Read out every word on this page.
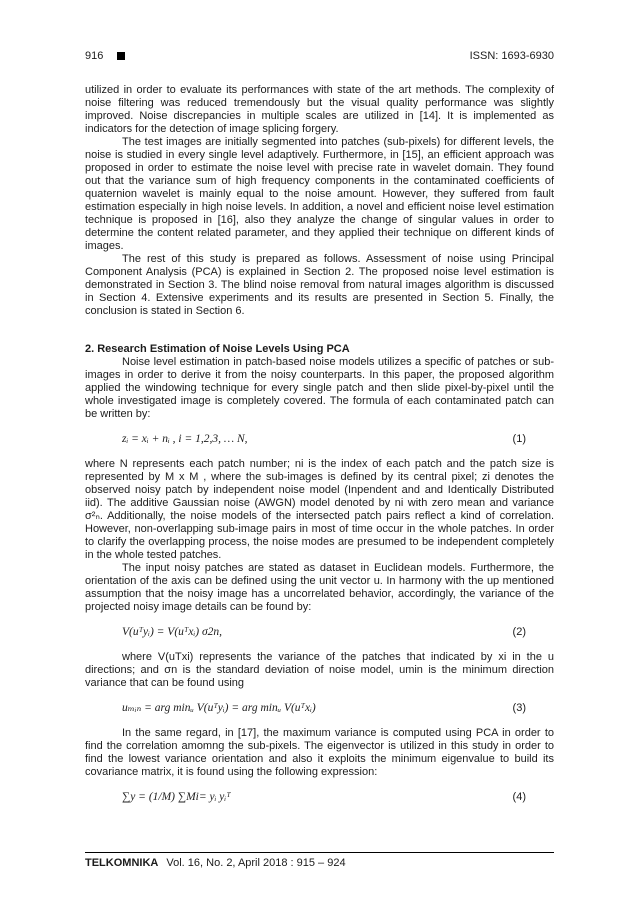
916	ISSN: 1693-6930

utilized in order to evaluate its performances with state of the art methods. The complexity of noise filtering was reduced tremendously but the visual quality performance was slightly improved. Noise discrepancies in multiple scales are utilized in [14]. It is implemented as indicators for the detection of image splicing forgery.

The test images are initially segmented into patches (sub-pixels) for different levels, the noise is studied in every single level adaptively. Furthermore, in [15], an efficient approach was proposed in order to estimate the noise level with precise rate in wavelet domain. They found out that the variance sum of high frequency components in the contaminated coefficients of quaternion wavelet is mainly equal to the noise amount. However, they suffered from fault estimation especially in high noise levels. In addition, a novel and efficient noise level estimation technique is proposed in [16], also they analyze the change of singular values in order to determine the content related parameter, and they applied their technique on different kinds of images.

The rest of this study is prepared as follows. Assessment of noise using Principal Component Analysis (PCA) is explained in Section 2. The proposed noise level estimation is demonstrated in Section 3. The blind noise removal from natural images algorithm is discussed in Section 4. Extensive experiments and its results are presented in Section 5. Finally, the conclusion is stated in Section 6.

2. Research Estimation of Noise Levels Using PCA

Noise level estimation in patch-based noise models utilizes a specific of patches or sub-images in order to derive it from the noisy counterparts. In this paper, the proposed algorithm applied the windowing technique for every single patch and then slide pixel-by-pixel until the whole investigated image is completely covered. The formula of each contaminated patch can be written by:

zᵢ = xᵢ + nᵢ , i = 1,2,3, … N,	(1)

where N represents each patch number; ni is the index of each patch and the patch size is represented by M x M , where the sub-images is defined by its central pixel; zi denotes the observed noisy patch by independent noise model (Inpendent and and Identically Distributed iid). The additive Gaussian noise (AWGN) model denoted by ni with zero mean and variance σ²ₙ. Additionally, the noise models of the intersected patch pairs reflect a kind of correlation. However, non-overlapping sub-image pairs in most of time occur in the whole patches. In order to clarify the overlapping process, the noise modes are presumed to be independent completely in the whole tested patches.

The input noisy patches are stated as dataset in Euclidean models. Furthermore, the orientation of the axis can be defined using the unit vector u. In harmony with the up mentioned assumption that the noisy image has a uncorrelated behavior, accordingly, the variance of the projected noisy image details can be found by:

V(uᵀyᵢ) = V(uᵀxᵢ) σ2n,	(2)

where V(uTxi) represents the variance of the patches that indicated by xi in the u directions; and σn is the standard deviation of noise model, umin is the minimum direction variance that can be found using

uₘᵢₙ = arg minᵤ V(uᵀyᵢ) = arg minᵤ V(uᵀxᵢ)	(3)

In the same regard, in [17], the maximum variance is computed using PCA in order to find the correlation amomng the sub-pixels. The eigenvector is utilized in this study in order to find the lowest variance orientation and also it exploits the minimum eigenvalue to build its covariance matrix, it is found using the following expression:

∑y = (1/M) ∑Mi= yᵢ yᵢᵀ	(4)
TELKOMNIKA Vol. 16, No. 2, April 2018 : 915 – 924
